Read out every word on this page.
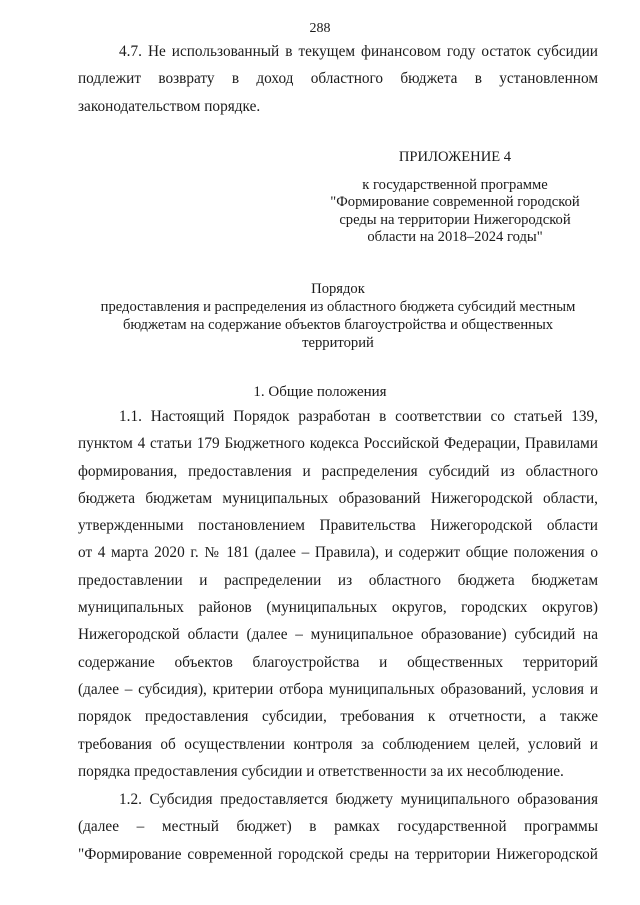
288
4.7. Не использованный в текущем финансовом году остаток субсидии
подлежит возврату в доход областного бюджета в установленном
законодательством порядке.
ПРИЛОЖЕНИЕ 4
к государственной программе
"Формирование современной городской
среды на территории Нижегородской
области на 2018–2024 годы"
Порядок
предоставления и распределения из областного бюджета субсидий местным
бюджетам на содержание объектов благоустройства и общественных
территорий
1. Общие положения
1.1. Настоящий Порядок разработан в соответствии со статьей 139,
пунктом 4 статьи 179 Бюджетного кодекса Российской Федерации, Правилами
формирования, предоставления и распределения субсидий из областного
бюджета бюджетам муниципальных образований Нижегородской области,
утвержденными постановлением Правительства Нижегородской области
от 4 марта 2020 г. № 181 (далее – Правила), и содержит общие положения о
предоставлении и распределении из областного бюджета бюджетам
муниципальных районов (муниципальных округов, городских округов)
Нижегородской области (далее – муниципальное образование) субсидий на
содержание объектов благоустройства и общественных территорий
(далее – субсидия), критерии отбора муниципальных образований, условия и
порядок предоставления субсидии, требования к отчетности, а также
требования об осуществлении контроля за соблюдением целей, условий и
порядка предоставления субсидии и ответственности за их несоблюдение.
1.2. Субсидия предоставляется бюджету муниципального образования
(далее – местный бюджет) в рамках государственной программы
"Формирование современной городской среды на территории Нижегородской
